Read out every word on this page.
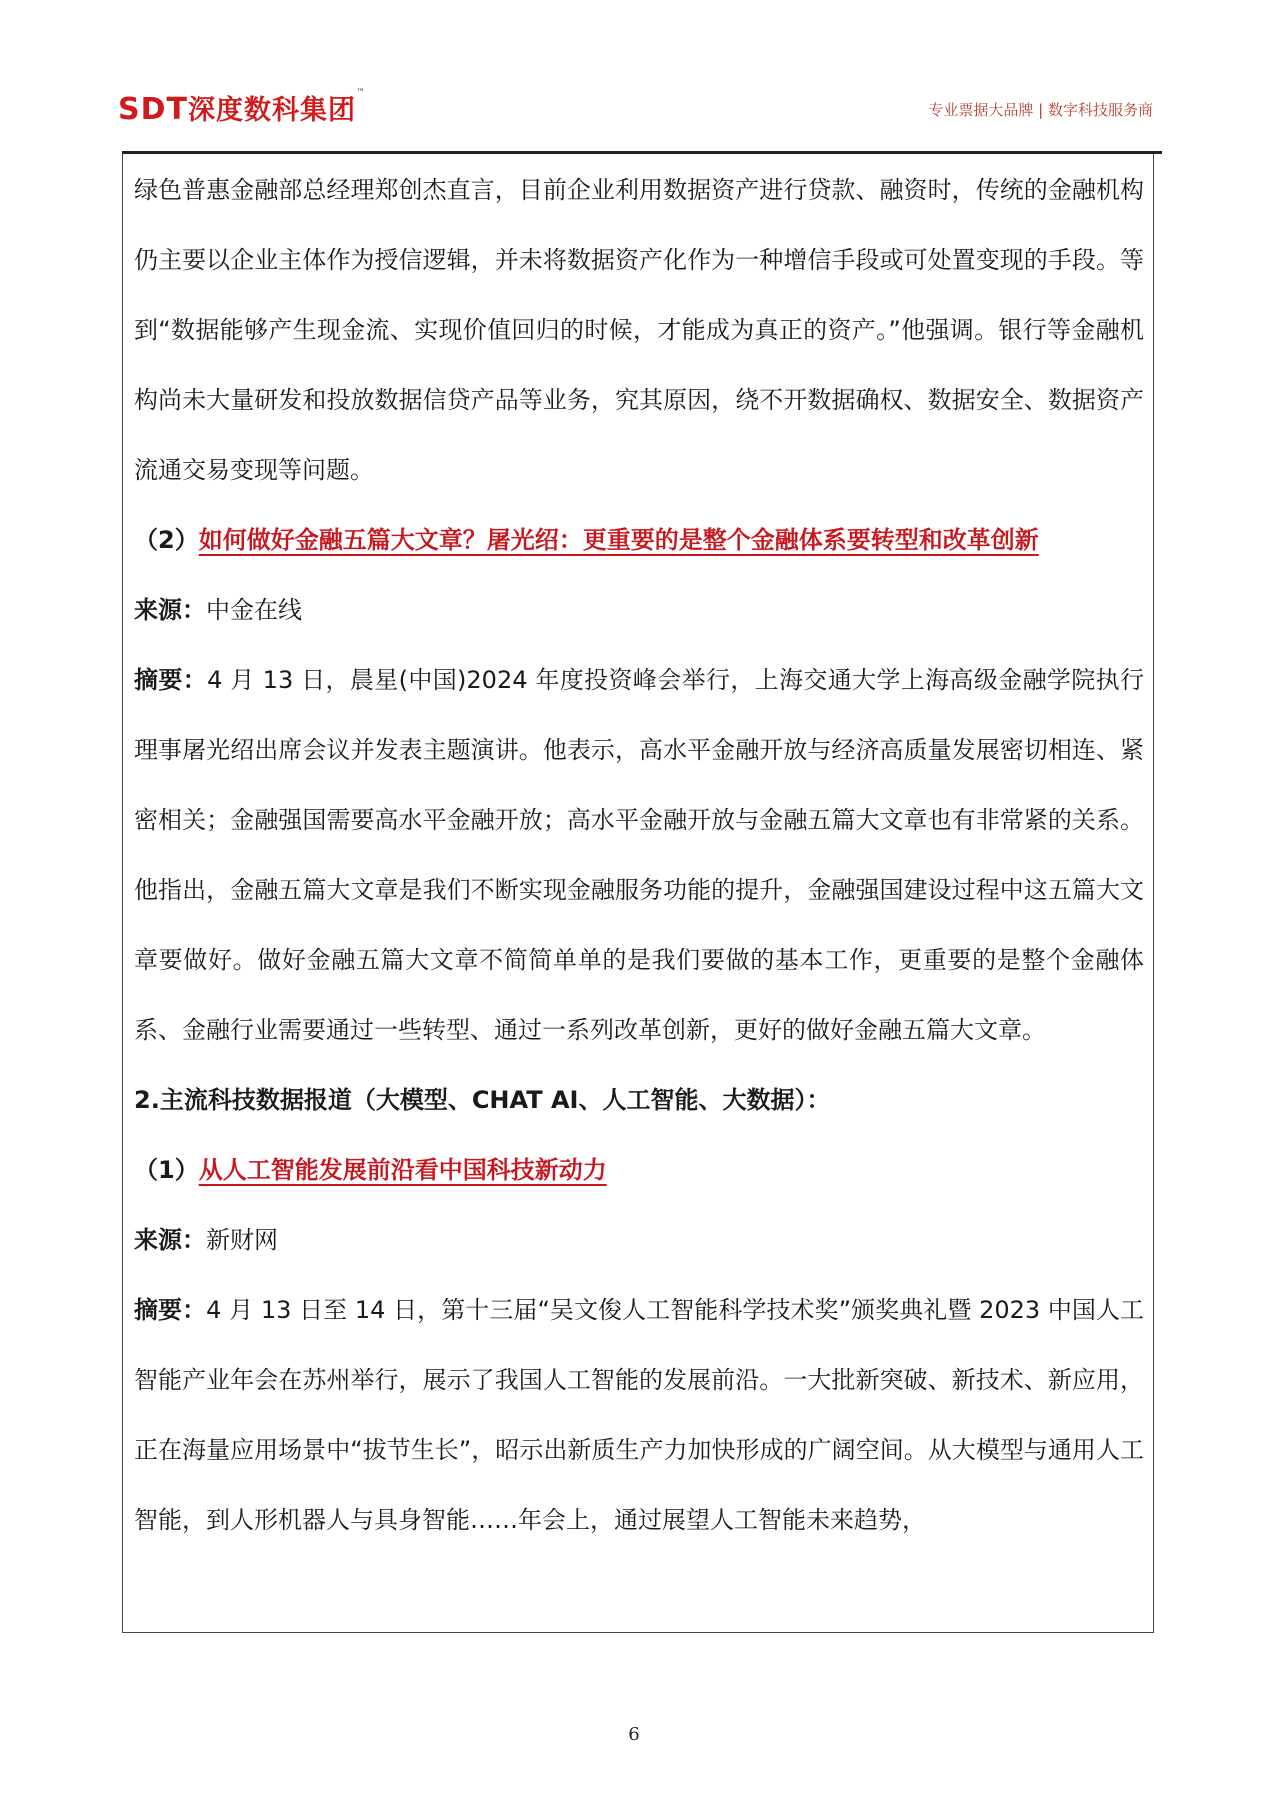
SDT深度数科集团™
专业票据大品牌 | 数字科技服务商

绿色普惠金融部总经理郑创杰直言，目前企业利用数据资产进行贷款、融资时，传统的金融机构仍主要以企业主体作为授信逻辑，并未将数据资产化作为一种增信手段或可处置变现的手段。等到“数据能够产生现金流、实现价值回归的时候，才能成为真正的资产。”他强调。银行等金融机构尚未大量研发和投放数据信贷产品等业务，究其原因，绕不开数据确权、数据安全、数据资产流通交易变现等问题。

（2）如何做好金融五篇大文章？屠光绍：更重要的是整个金融体系要转型和改革创新

来源：中金在线

摘要：4 月 13 日，晨星(中国)2024 年度投资峰会举行，上海交通大学上海高级金融学院执行理事屠光绍出席会议并发表主题演讲。他表示，高水平金融开放与经济高质量发展密切相连、紧密相关；金融强国需要高水平金融开放；高水平金融开放与金融五篇大文章也有非常紧的关系。他指出，金融五篇大文章是我们不断实现金融服务功能的提升，金融强国建设过程中这五篇大文章要做好。做好金融五篇大文章不简简单单的是我们要做的基本工作，更重要的是整个金融体系、金融行业需要通过一些转型、通过一系列改革创新，更好的做好金融五篇大文章。

2.主流科技数据报道（大模型、CHAT AI、人工智能、大数据）：

（1）从人工智能发展前沿看中国科技新动力

来源：新财网

摘要：4 月 13 日至 14 日，第十三届“吴文俊人工智能科学技术奖”颁奖典礼暨 2023 中国人工智能产业年会在苏州举行，展示了我国人工智能的发展前沿。一大批新突破、新技术、新应用，正在海量应用场景中“拔节生长”，昭示出新质生产力加快形成的广阔空间。从大模型与通用人工智能，到人形机器人与具身智能……年会上，通过展望人工智能未来趋势，

6
